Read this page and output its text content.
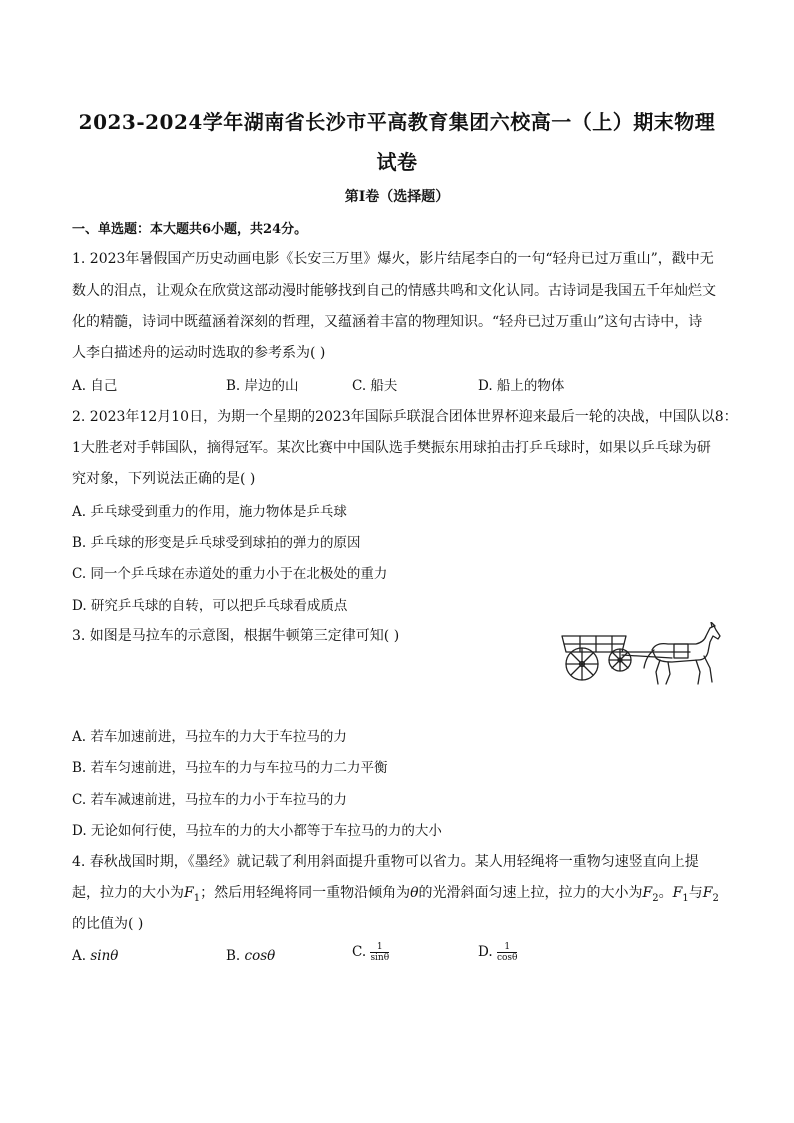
2023-2024学年湖南省长沙市平高教育集团六校高一（上）期末物理
试卷
第Ⅰ卷（选择题）
一、单选题：本大题共6小题，共24分。
1. 2023年暑假国产历史动画电影《长安三万里》爆火，影片结尾李白的一句“轻舟已过万重山”，戳中无
数人的泪点，让观众在欣赏这部动漫时能够找到自己的情感共鸣和文化认同。古诗词是我国五千年灿烂文
化的精髓，诗词中既蕴涵着深刻的哲理，又蕴涵着丰富的物理知识。“轻舟已过万重山”这句古诗中，诗
人李白描述舟的运动时选取的参考系为( )
A. 自己	B. 岸边的山	C. 船夫	D. 船上的物体
2. 2023年12月10日，为期一个星期的2023年国际乒联混合团体世界杯迎来最后一轮的决战，中国队以8：
1大胜老对手韩国队，摘得冠军。某次比赛中中国队选手樊振东用球拍击打乒乓球时，如果以乒乓球为研
究对象，下列说法正确的是( )
A. 乒乓球受到重力的作用，施力物体是乒乓球
B. 乒乓球的形变是乒乓球受到球拍的弹力的原因
C. 同一个乒乓球在赤道处的重力小于在北极处的重力
D. 研究乒乓球的自转，可以把乒乓球看成质点
3. 如图是马拉车的示意图，根据牛顿第三定律可知( )
A. 若车加速前进，马拉车的力大于车拉马的力
B. 若车匀速前进，马拉车的力与车拉马的力二力平衡
C. 若车减速前进，马拉车的力小于车拉马的力
D. 无论如何行使，马拉车的力的大小都等于车拉马的力的大小
4. 春秋战国时期，《墨经》就记载了利用斜面提升重物可以省力。某人用轻绳将一重物匀速竖直向上提
起，拉力的大小为$F_1$；然后用轻绳将同一重物沿倾角为θ的光滑斜面匀速上拉，拉力的大小为$F_2$。$F_1$与$F_2$
的比值为( )
A. sinθ	B. cosθ	C. $\frac{1}{\sin\theta}$	D. $\frac{1}{\cos\theta}$
